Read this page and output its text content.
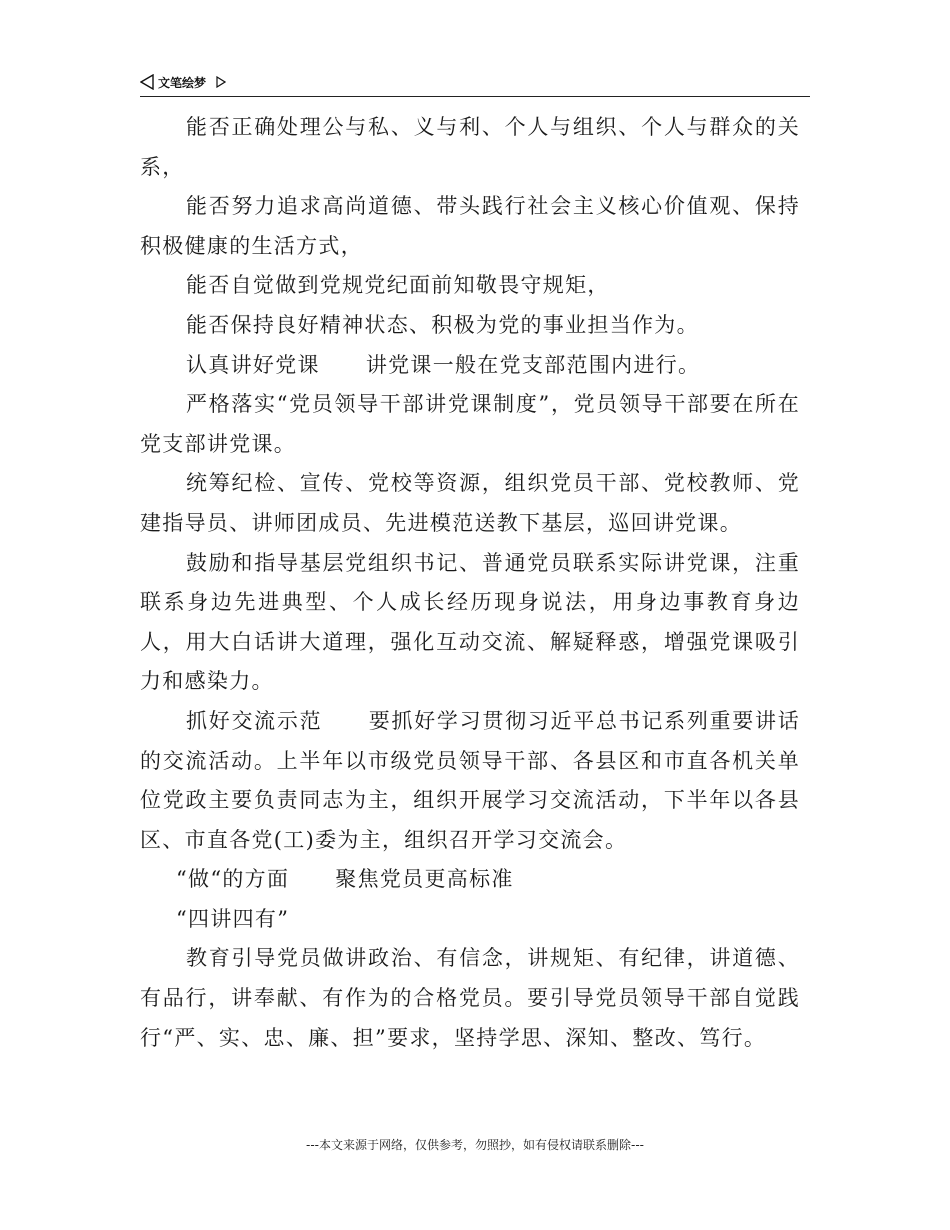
文笔绘梦

能否正确处理公与私、义与利、个人与组织、个人与群众的关系，

能否努力追求高尚道德、带头践行社会主义核心价值观、保持积极健康的生活方式，

能否自觉做到党规党纪面前知敬畏守规矩，

能否保持良好精神状态、积极为党的事业担当作为。

认真讲好党课 讲党课一般在党支部范围内进行。

严格落实“党员领导干部讲党课制度”，党员领导干部要在所在党支部讲党课。

统筹纪检、宣传、党校等资源，组织党员干部、党校教师、党建指导员、讲师团成员、先进模范送教下基层，巡回讲党课。

鼓励和指导基层党组织书记、普通党员联系实际讲党课，注重联系身边先进典型、个人成长经历现身说法，用身边事教育身边人，用大白话讲大道理，强化互动交流、解疑释惑，增强党课吸引力和感染力。

抓好交流示范 要抓好学习贯彻习近平总书记系列重要讲话的交流活动。上半年以市级党员领导干部、各县区和市直各机关单位党政主要负责同志为主，组织开展学习交流活动，下半年以各县区、市直各党(工)委为主，组织召开学习交流会。

“做“的方面 聚焦党员更高标准

“四讲四有”

教育引导党员做讲政治、有信念，讲规矩、有纪律，讲道德、有品行，讲奉献、有作为的合格党员。要引导党员领导干部自觉践行“严、实、忠、廉、担”要求，坚持学思、深知、整改、笃行。

---本文来源于网络，仅供参考，勿照抄，如有侵权请联系删除---
